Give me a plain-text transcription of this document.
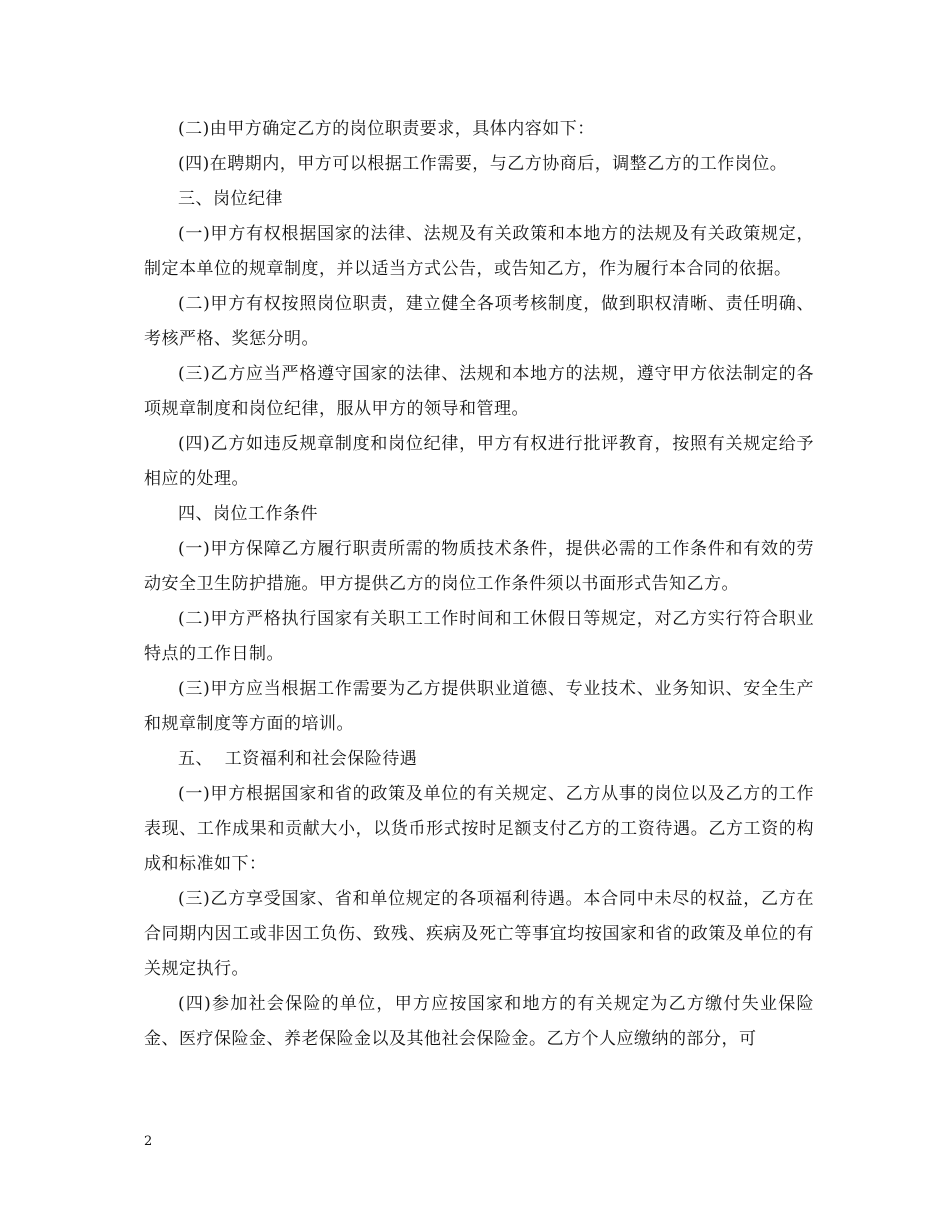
(二)由甲方确定乙方的岗位职责要求，具体内容如下：

(四)在聘期内，甲方可以根据工作需要，与乙方协商后，调整乙方的工作岗位。

三、岗位纪律

(一)甲方有权根据国家的法律、法规及有关政策和本地方的法规及有关政策规定，制定本单位的规章制度，并以适当方式公告，或告知乙方，作为履行本合同的依据。

(二)甲方有权按照岗位职责，建立健全各项考核制度，做到职权清晰、责任明确、考核严格、奖惩分明。

(三)乙方应当严格遵守国家的法律、法规和本地方的法规，遵守甲方依法制定的各项规章制度和岗位纪律，服从甲方的领导和管理。

(四)乙方如违反规章制度和岗位纪律，甲方有权进行批评教育，按照有关规定给予相应的处理。

四、岗位工作条件

(一)甲方保障乙方履行职责所需的物质技术条件，提供必需的工作条件和有效的劳动安全卫生防护措施。甲方提供乙方的岗位工作条件须以书面形式告知乙方。

(二)甲方严格执行国家有关职工工作时间和工休假日等规定，对乙方实行符合职业特点的工作日制。

(三)甲方应当根据工作需要为乙方提供职业道德、专业技术、业务知识、安全生产和规章制度等方面的培训。

五、  工资福利和社会保险待遇

(一)甲方根据国家和省的政策及单位的有关规定、乙方从事的岗位以及乙方的工作表现、工作成果和贡献大小，以货币形式按时足额支付乙方的工资待遇。乙方工资的构成和标准如下：

(三)乙方享受国家、省和单位规定的各项福利待遇。本合同中未尽的权益，乙方在合同期内因工或非因工负伤、致残、疾病及死亡等事宜均按国家和省的政策及单位的有关规定执行。

(四)参加社会保险的单位，甲方应按国家和地方的有关规定为乙方缴付失业保险金、医疗保险金、养老保险金以及其他社会保险金。乙方个人应缴纳的部分，可

2
